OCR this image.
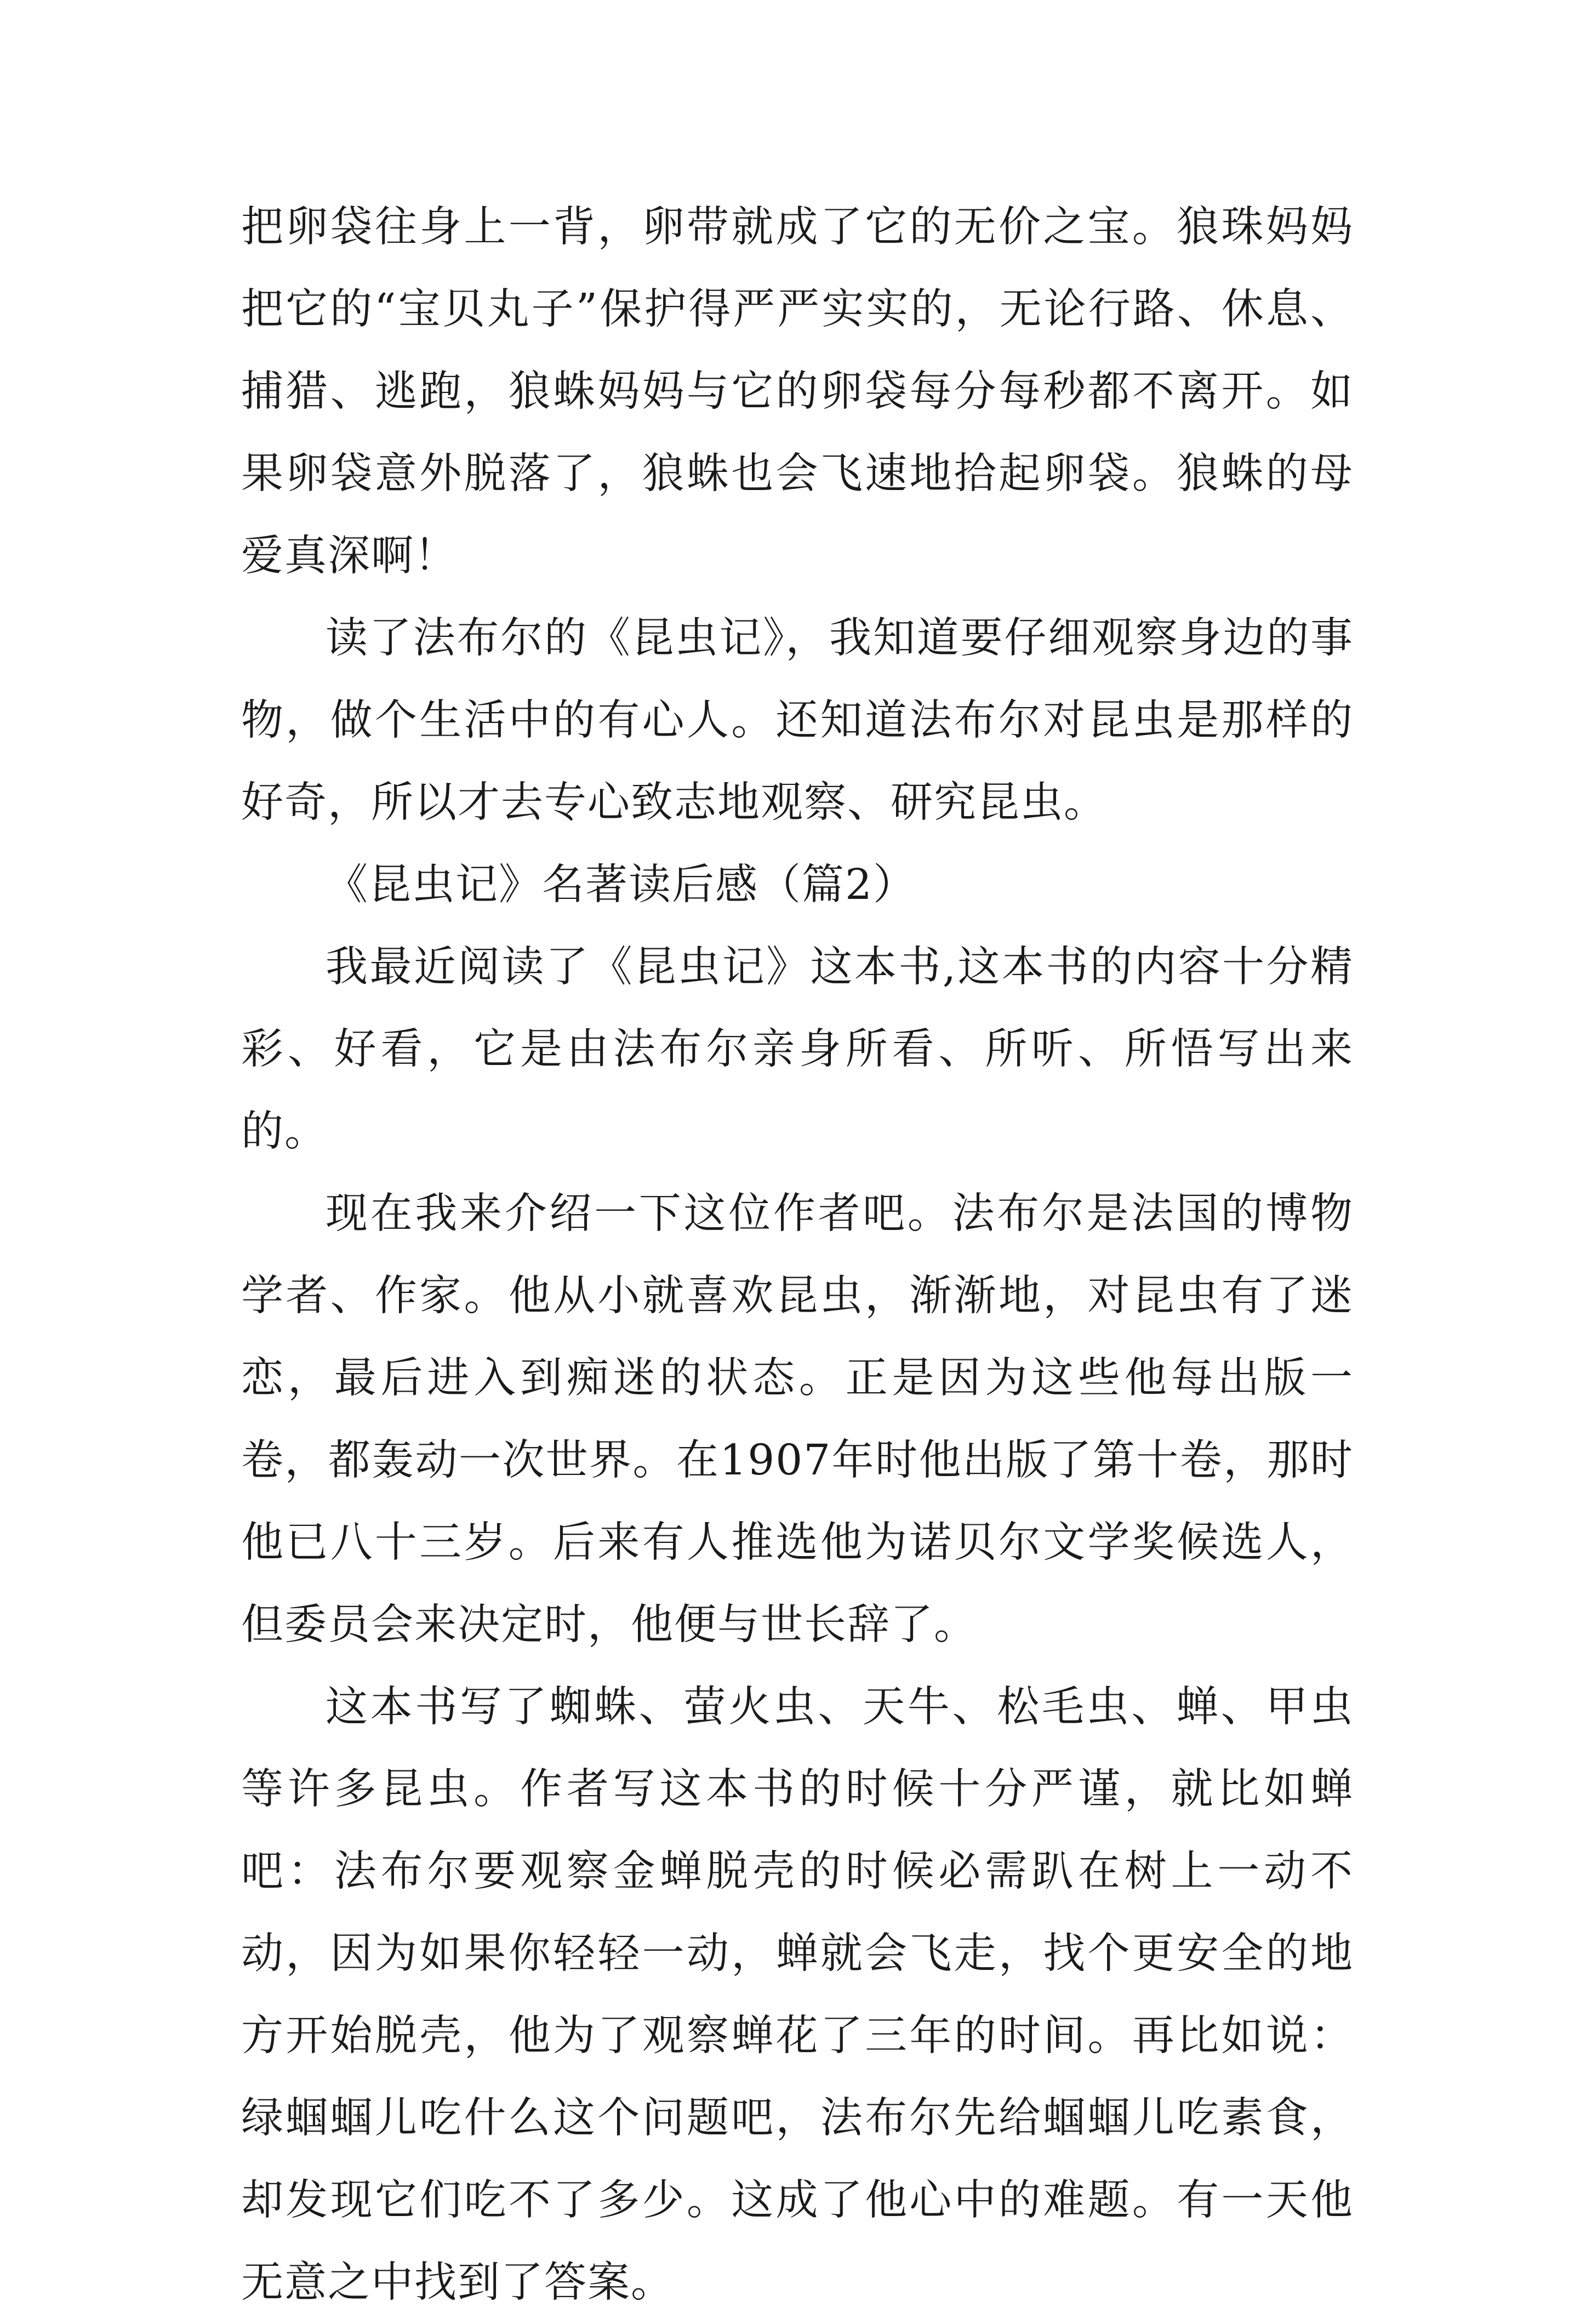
把卵袋往身上一背，卵带就成了它的无价之宝。狼珠妈妈把它的“宝贝丸子”保护得严严实实的，无论行路、休息、捕猎、逃跑，狼蛛妈妈与它的卵袋每分每秒都不离开。如果卵袋意外脱落了，狼蛛也会飞速地拾起卵袋。狼蛛的母爱真深啊！

读了法布尔的《昆虫记》，我知道要仔细观察身边的事物，做个生活中的有心人。还知道法布尔对昆虫是那样的好奇，所以才去专心致志地观察、研究昆虫。

《昆虫记》名著读后感（篇2）

我最近阅读了《昆虫记》这本书,这本书的内容十分精彩、好看，它是由法布尔亲身所看、所听、所悟写出来的。

现在我来介绍一下这位作者吧。法布尔是法国的博物学者、作家。他从小就喜欢昆虫，渐渐地，对昆虫有了迷恋，最后进入到痴迷的状态。正是因为这些他每出版一卷，都轰动一次世界。在1907年时他出版了第十卷，那时他已八十三岁。后来有人推选他为诺贝尔文学奖候选人，但委员会来决定时，他便与世长辞了。

这本书写了蜘蛛、萤火虫、天牛、松毛虫、蝉、甲虫等许多昆虫。作者写这本书的时候十分严谨，就比如蝉吧：法布尔要观察金蝉脱壳的时候必需趴在树上一动不动，因为如果你轻轻一动，蝉就会飞走，找个更安全的地方开始脱壳，他为了观察蝉花了三年的时间。再比如说：绿蝈蝈儿吃什么这个问题吧，法布尔先给蝈蝈儿吃素食，却发现它们吃不了多少。这成了他心中的难题。有一天他无意之中找到了答案。
